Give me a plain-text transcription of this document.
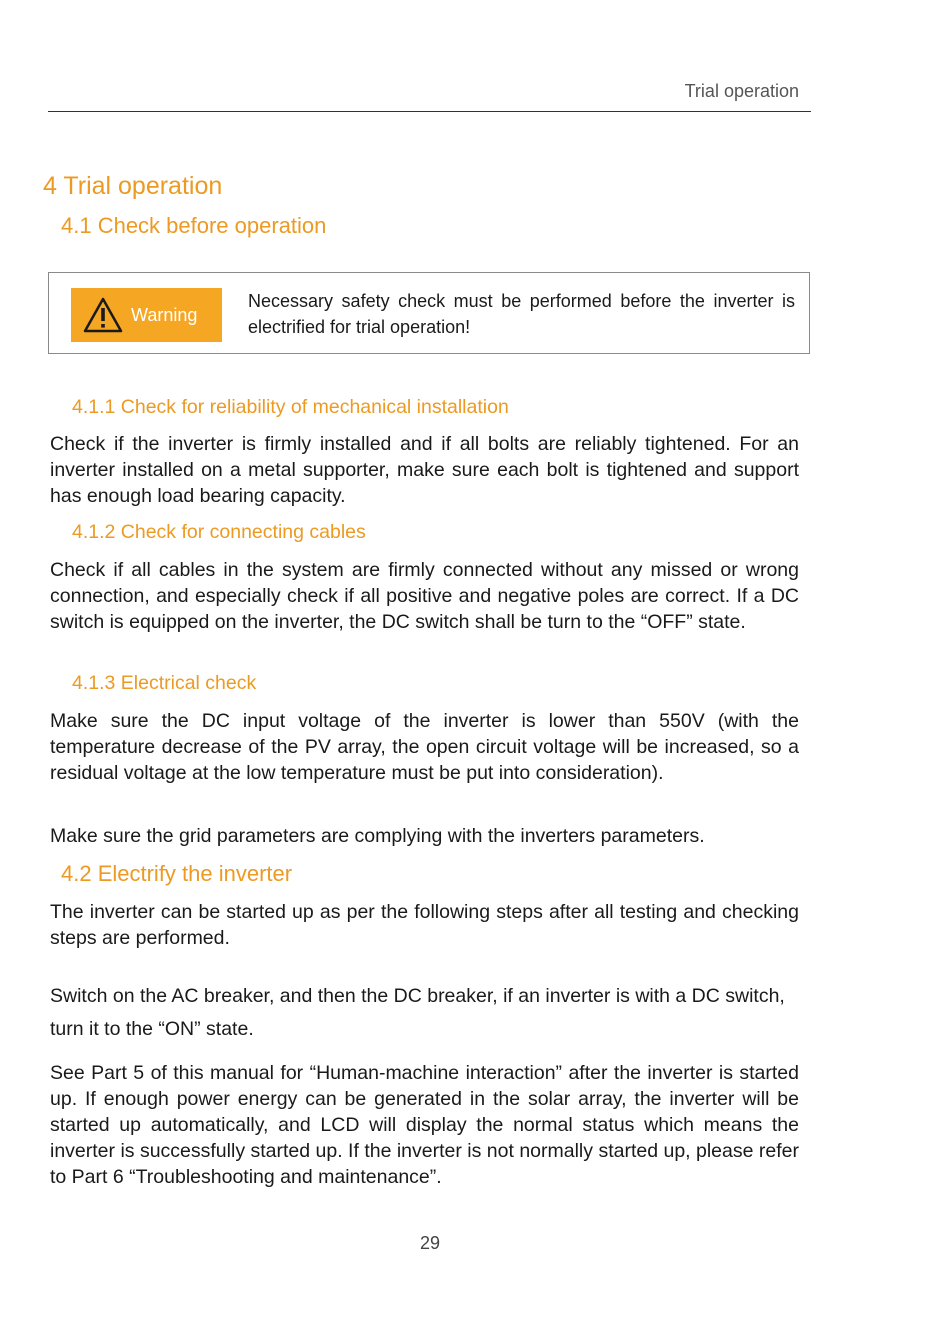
Trial operation
4 Trial operation
4.1 Check before operation
Warning
Necessary safety check must be performed before the inverter is electrified for trial operation!
4.1.1 Check for reliability of mechanical installation

Check if the inverter is firmly installed and if all bolts are reliably tightened. For an inverter installed on a metal supporter, make sure each bolt is tightened and support has enough load bearing capacity.

4.1.2 Check for connecting cables

Check if all cables in the system are firmly connected without any missed or wrong connection, and especially check if all positive and negative poles are correct. If a DC switch is equipped on the inverter, the DC switch shall be turn to the “OFF” state.

4.1.3 Electrical check

Make sure the DC input voltage of the inverter is lower than 550V (with the temperature decrease of the PV array, the open circuit voltage will be increased, so a residual voltage at the low temperature must be put into consideration).

Make sure the grid parameters are complying with the inverters parameters.

4.2 Electrify the inverter

The inverter can be started up as per the following steps after all testing and checking steps are performed.

Switch on the AC breaker, and then the DC breaker, if an inverter is with a DC switch, turn it to the “ON” state.

See Part 5 of this manual for “Human-machine interaction” after the inverter is started up. If enough power energy can be generated in the solar array, the inverter will be started up automatically, and LCD will display the normal status which means the inverter is successfully started up. If the inverter is not normally started up, please refer to Part 6 “Troubleshooting and maintenance”.

29
